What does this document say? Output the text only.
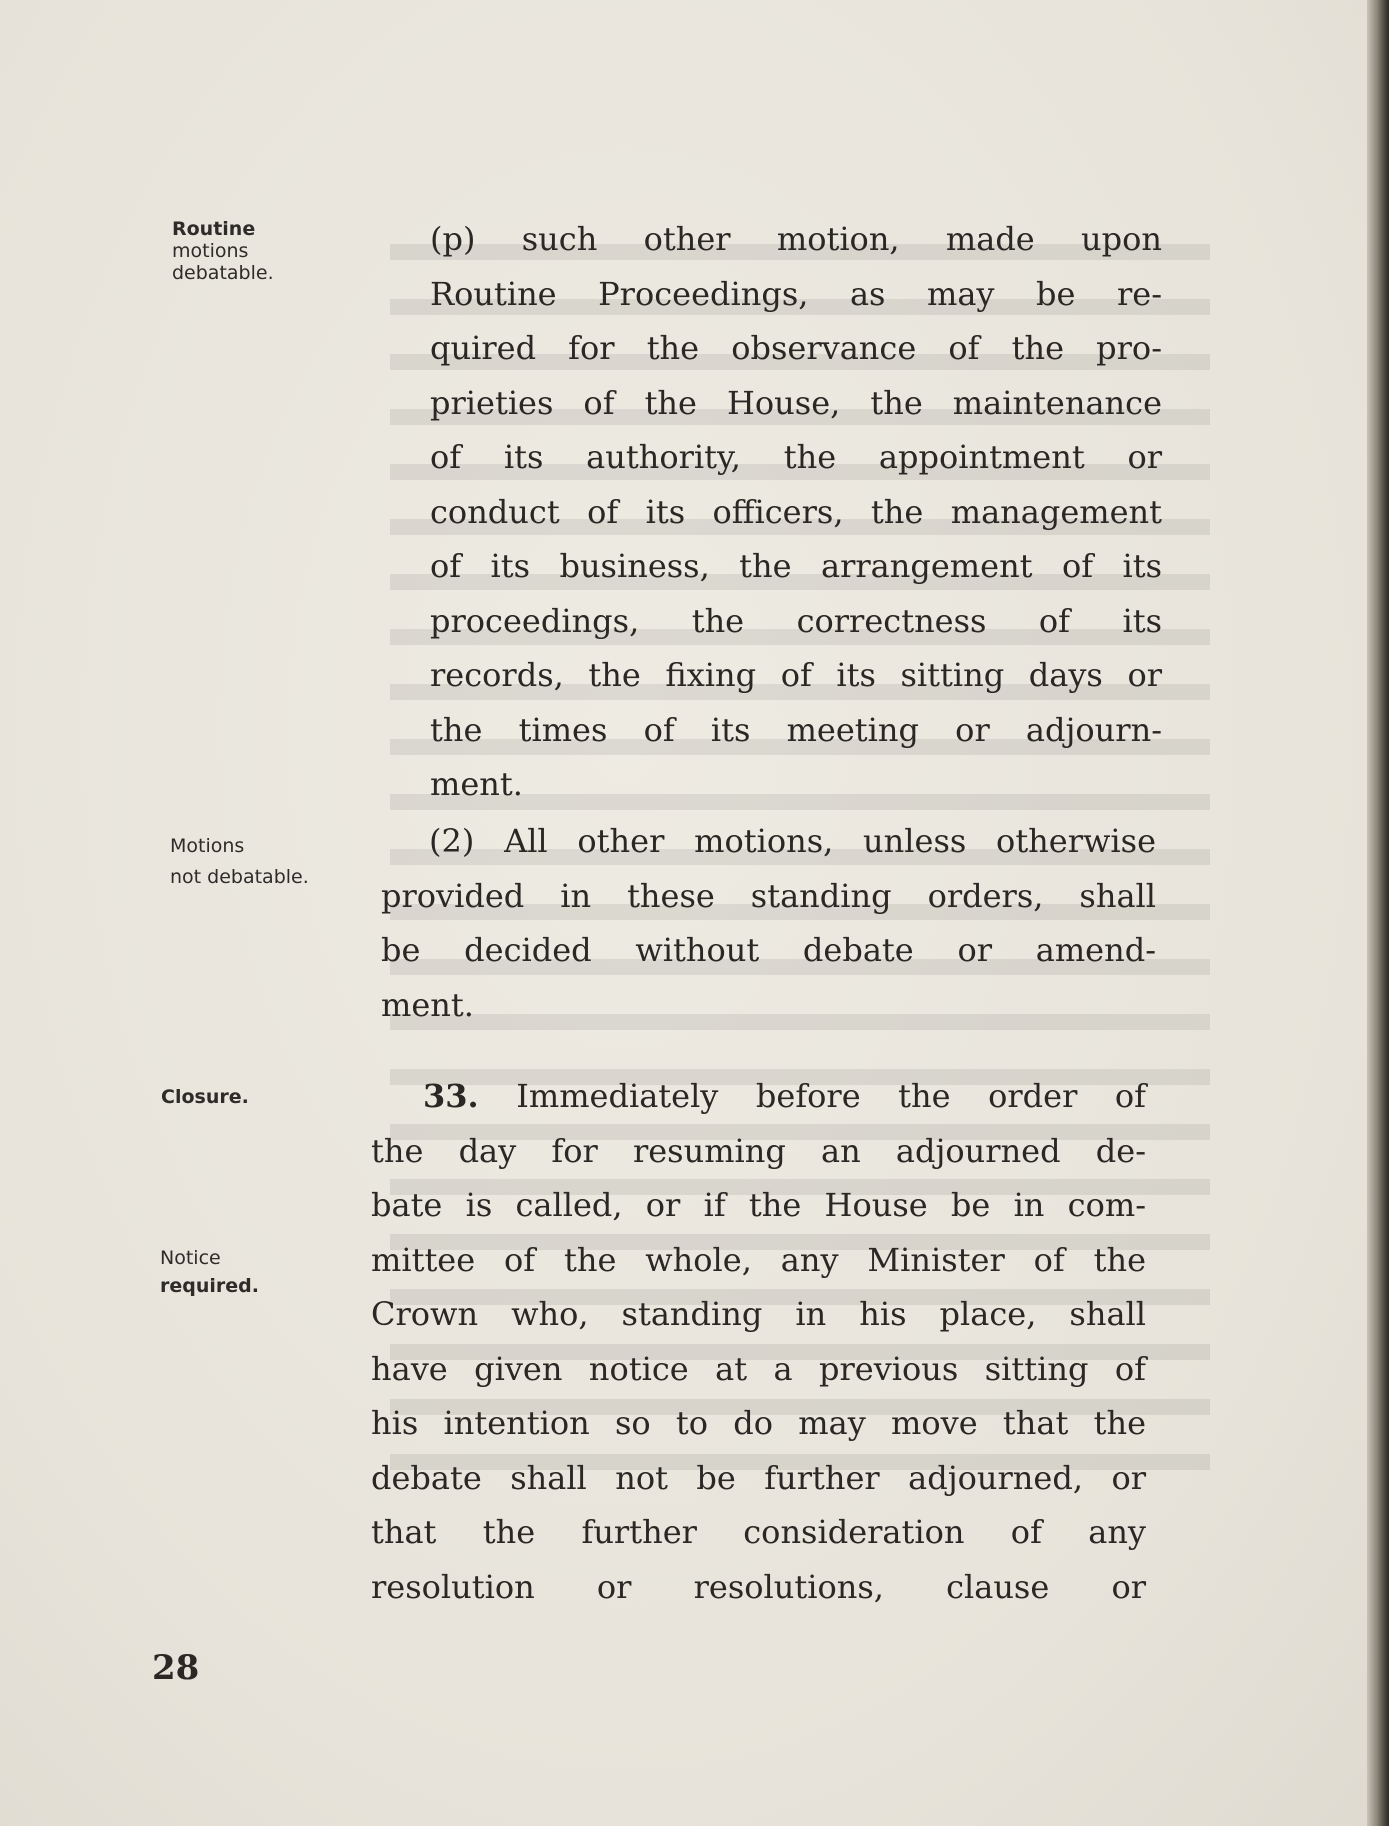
Routine
motions
debatable.
Motions
not debatable.
Closure.
Notice
required.
(p) such other motion, made upon
Routine Proceedings, as may be re-
quired for the observance of the pro-
prieties of the House, the maintenance
of its authority, the appointment or
conduct of its officers, the management
of its business, the arrangement of its
proceedings, the correctness of its
records, the fixing of its sitting days or
the times of its meeting or adjourn-
ment.
(2) All other motions, unless otherwise
provided in these standing orders, shall
be decided without debate or amend-
ment.
33. Immediately before the order of
the day for resuming an adjourned de-
bate is called, or if the House be in com-
mittee of the whole, any Minister of the
Crown who, standing in his place, shall
have given notice at a previous sitting of
his intention so to do may move that the
debate shall not be further adjourned, or
that the further consideration of any
resolution or resolutions, clause or
28
